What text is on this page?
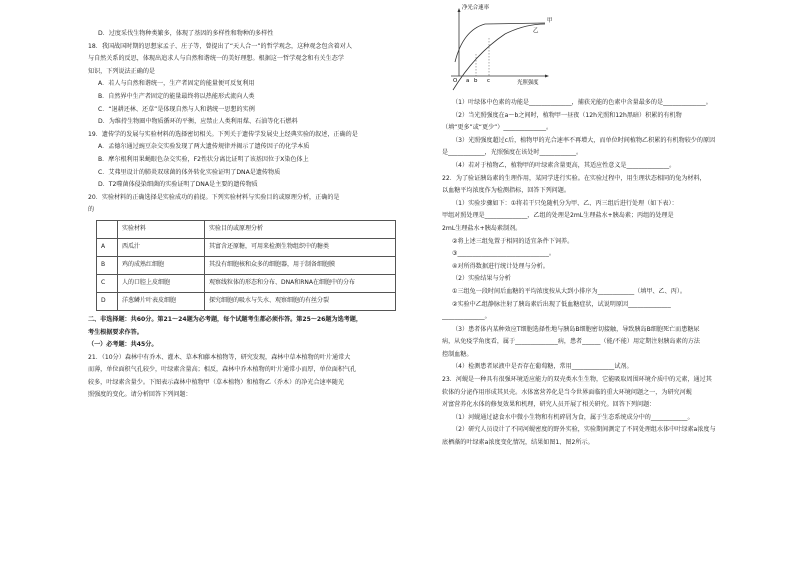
D．过度采伐生物种类繁多，体现了基因的多样性和物种的多样性
18．我国战国时期的思想家孟子、庄子等，曾提出了“天人合一”的哲学观念，这种观念包含着对人
与自然关系的反思，体现出追求人与自然和谐统一的美好理想。根据这一哲学观念和有关生态学
知识，下列说法正确的是
A．若人与自然和谐统一，生产者固定的能量便可反复利用
B．自然界中生产者固定的能量最终将以热能形式流向人类
C．“退耕还林、还草”是体现自然与人和谐统一思想的实例
D．为维持生物圈中物质循环的平衡，应禁止人类利用煤、石油等化石燃料
19．遗传学的发展与实验材料的选择密切相关。下列关于遗传学发展史上经典实验的叙述，正确的是
A．孟德尔通过豌豆杂交实验发现了两大遗传规律并揭示了遗传因子的化学本质
B．摩尔根利用果蝇眼色杂交实验，F2性状分离比证明了该基因位于X染色体上
C．艾弗里设计的肺炎双球菌的体外转化实验证明了DNA是遗传物质
D．T2噬菌体侵染细菌的实验证明了DNA是主要的遗传物质
20．实验材料的正确选择是实验成功的前提。下列实验材料与实验目的或原理分析，正确的是
的
	实验材料	实验目的或原理分析
A	西瓜汁	其富含还原糖，可用来检测生物组织中的糖类
B	鸡的成熟红细胞	其没有细胞核和众多的细胞器，用于制备细胞膜
C	人的口腔上皮细胞	观察线粒体的形态和分布、DNA和RNA在细胞中的分布
D	洋葱鳞片叶表皮细胞	探究细胞的吸水与失水、观察细胞的有丝分裂
二、非选择题：共60分。第21～24题为必考题，每个试题考生都必须作答。第25～26题为选考题，
考生根据要求作答。
（一）必考题：共45分。
21．（10分）森林中有乔木、灌木、草本和藤本植物等，研究发现，森林中草本植物的叶片通常大
而薄，单位面积气孔较少，叶绿素含量高；相反，森林中乔木植物的叶片通常小而厚，单位面积气孔
较多，叶绿素含量少。下图表示森林中植物甲（草本植物）和植物乙（乔木）的净光合速率随光
照强度的变化。请分析回答下列问题：
净光合速率
光照强度
O a b c
甲
乙
（1）叶绿体中色素的功能是______________，捕获光能的色素中含量最多的是______________。
（2）当光照强度在a～b之间时，植物甲一昼夜（12h光照和12h黑暗）积累的有机物
（填“更多”或“更少”）______________。
（3）光照强度超过c后，植物甲的光合速率不再增大，而单位时间植物乙积累的有机物较少的原因
是____________，光照强度在该处时____________。
（4）若对于植物乙，植物甲的叶绿素含量更高，其适应性意义是______________。
22．为了验证胰岛素的生理作用，某同学进行实验。在实验过程中，用生理状态相同的兔为材料，
以血糖平均浓度作为检测指标，回答下列问题。
（1）实验步骤如下：①将若干只兔随机分为甲、乙、丙三组后进行处理（如下表）：
甲组对照处理是______________，乙组的处理是2mL生理盐水+胰岛素；丙组的处理是
2mL生理盐水+胰岛素制剂。
②将上述三组兔置于相同的适宜条件下饲养。
③______________________________。
④对所得数据进行统计处理与分析。
（2）实验结果与分析
①三组兔一段时间后血糖的平均浓度按从大到小排序为____________（填甲、乙、丙）。
②实验中乙组静脉注射了胰岛素后出现了低血糖症状，试说明原因______________
______________。
（3）患者体内某种效应T细胞选择性地与胰岛B细胞密切接触，导致胰岛B细胞死亡而患糖尿
病，从免疫学角度看，属于______________病，患者______（能/不能）用定期注射胰岛素的方法
控制血糖。
（4）检测患者尿液中是否存在葡萄糖，常用______________试剂。
23．河蚬是一种具有很强环境适应能力的双壳类水生生物，它能吸取周围环境介质中的元素，通过其
软体的分泌作用形成其贝壳。水体富营养化是当今世界面临的重大环境问题之一，为研究河蚬
对富营养化水体的修复效果和机理，研究人员开展了相关研究。回答下列问题：
（1）河蚬通过滤食水中微小生物和有机碎屑为食，属于生态系统成分中的____________。
（2）研究人员设计了不同河蚬密度的野外实验，实验期间测定了不同处理组水体中叶绿素a浓度与
底栖藻的叶绿素a浓度变化情况，结果如图1、图2所示。
